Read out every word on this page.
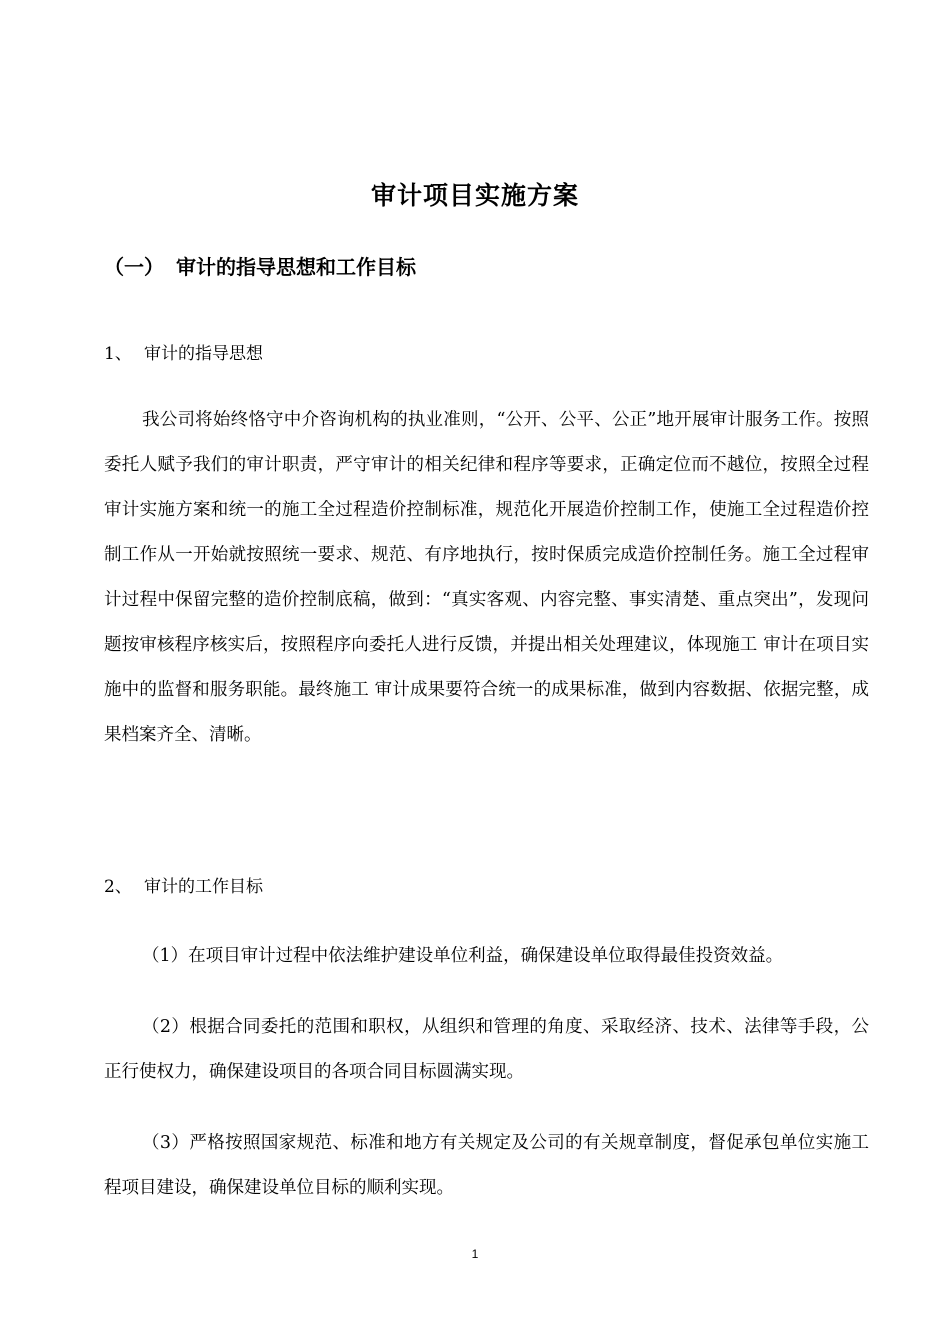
审计项目实施方案
（一） 审计的指导思想和工作目标
1、 审计的指导思想

我公司将始终恪守中介咨询机构的执业准则，“公开、公平、公正”地开展审计服务工作。按照委托人赋予我们的审计职责，严守审计的相关纪律和程序等要求，正确定位而不越位，按照全过程审计实施方案和统一的施工全过程造价控制标准，规范化开展造价控制工作，使施工全过程造价控制工作从一开始就按照统一要求、规范、有序地执行，按时保质完成造价控制任务。施工全过程审计过程中保留完整的造价控制底稿，做到：“真实客观、内容完整、事实清楚、重点突出”，发现问题按审核程序核实后，按照程序向委托人进行反馈，并提出相关处理建议，体现施工 审计在项目实施中的监督和服务职能。最终施工 审计成果要符合统一的成果标准，做到内容数据、依据完整，成果档案齐全、清晰。

2、 审计的工作目标

（1）在项目审计过程中依法维护建设单位利益，确保建设单位取得最佳投资效益。

（2）根据合同委托的范围和职权，从组织和管理的角度、采取经济、技术、法律等手段，公正行使权力，确保建设项目的各项合同目标圆满实现。

（3）严格按照国家规范、标准和地方有关规定及公司的有关规章制度，督促承包单位实施工程项目建设，确保建设单位目标的顺利实现。

1
